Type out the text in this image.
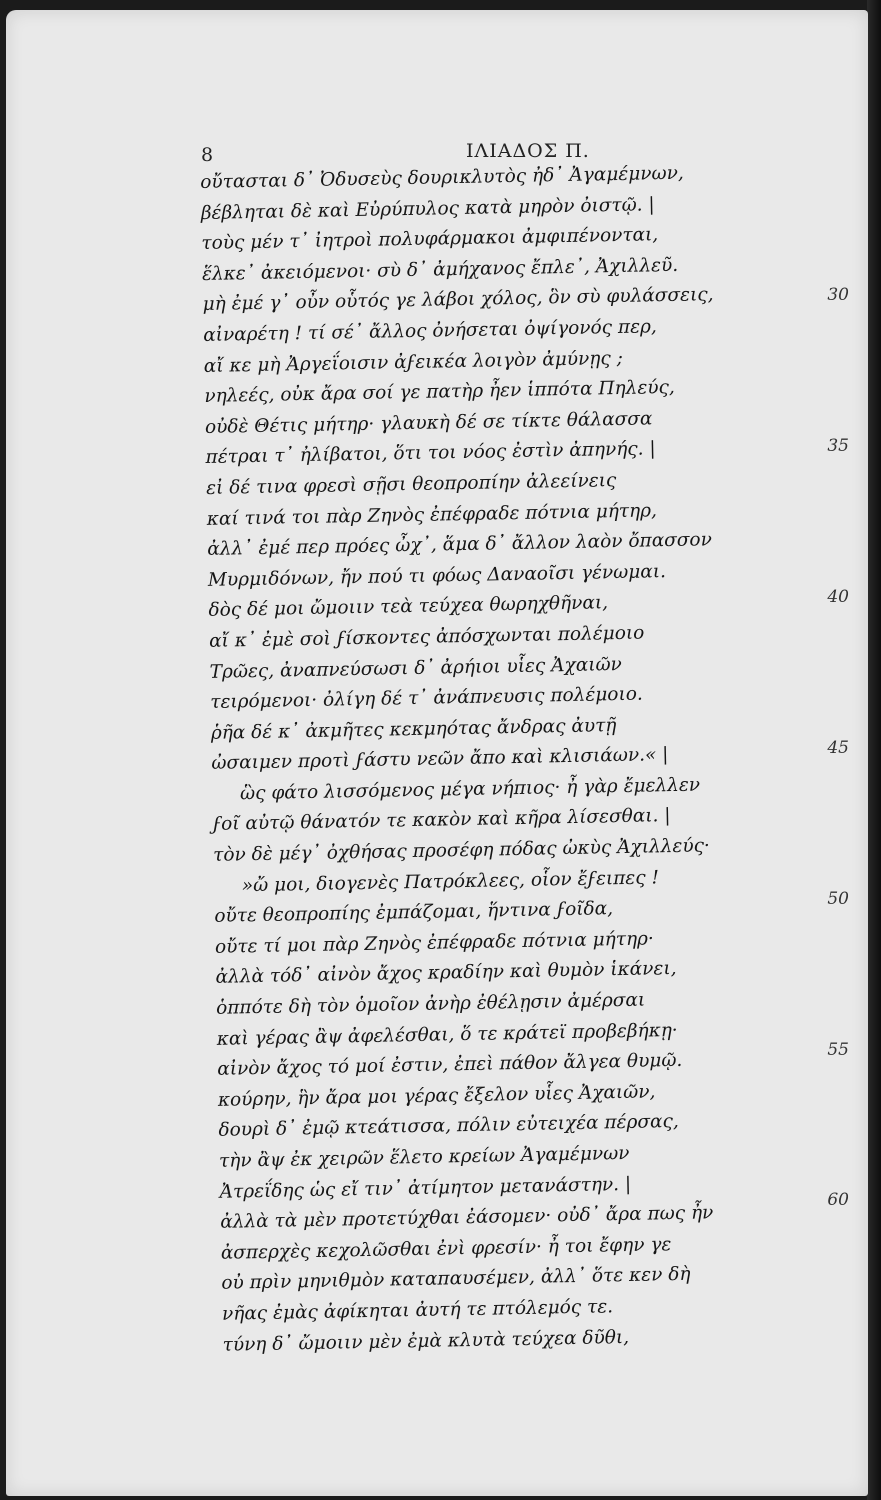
8	ΙΛΙΑΔΟΣ Π.
οὔτασται δ᾽ Ὀδυσεὺς δουρικλυτὸς ἠδ᾽ Ἀγαμέμνων,
βέβληται δὲ καὶ Εὐρύπυλος κατὰ μηρὸν ὀιστῷ. |
τοὺς μέν τ᾽ ἰητροὶ πολυφάρμακοι ἀμφιπένονται,
ἕλκε᾽ ἀκειόμενοι· σὺ δ᾽ ἀμήχανος ἔπλε᾽, Ἀχιλλεῦ.
μὴ ἐμέ γ᾽ οὖν οὗτός γε λάβοι χόλος, ὃν σὺ φυλάσσεις,
αἰναρέτη ! τί σέ᾽ ἄλλος ὀνήσεται ὀψίγονός περ,
αἴ κε μὴ Ἀργεΐοισιν ἀϝεικέα λοιγὸν ἀμύνῃς ;
νηλεές, οὐκ ἄρα σοί γε πατὴρ ἦεν ἱππότα Πηλεύς,
οὐδὲ Θέτις μήτηρ· γλαυκὴ δέ σε τίκτε θάλασσα
πέτραι τ᾽ ἠλίβατοι, ὅτι τοι νόος ἐστὶν ἀπηνής. |
εἰ δέ τινα φρεσὶ σῇσι θεοπροπίην ἀλεείνεις
καί τινά τοι πὰρ Ζηνὸς ἐπέφραδε πότνια μήτηρ,
ἀλλ᾽ ἐμέ περ πρόες ὦχ᾽, ἅμα δ᾽ ἄλλον λαὸν ὄπασσον
Μυρμιδόνων, ἤν πού τι φόως Δαναοῖσι γένωμαι.
δὸς δέ μοι ὤμοιιν τεὰ τεύχεα θωρηχθῆναι,
αἴ κ᾽ ἐμὲ σοὶ ϝίσκοντες ἀπόσχωνται πολέμοιο
Τρῶες, ἀναπνεύσωσι δ᾽ ἀρήιοι υἷες Ἀχαιῶν
τειρόμενοι· ὀλίγη δέ τ᾽ ἀνάπνευσις πολέμοιο.
ῥῆα δέ κ᾽ ἀκμῆτες κεκμηότας ἄνδρας ἀυτῇ
ὠσαιμεν προτὶ ϝάστυ νεῶν ἄπο καὶ κλισιάων.« |
ὣς φάτο λισσόμενος μέγα νήπιος· ἦ γὰρ ἔμελλεν
ϝοῖ αὐτῷ θάνατόν τε κακὸν καὶ κῆρα λίσεσθαι. |
τὸν δὲ μέγ᾽ ὀχθήσας προσέφη πόδας ὠκὺς Ἀχιλλεύς·
»ὤ μοι, διογενὲς Πατρόκλεες, οἷον ἔϝειπες !
οὔτε θεοπροπίης ἐμπάζομαι, ἥντινα ϝοῖδα,
οὔτε τί μοι πὰρ Ζηνὸς ἐπέφραδε πότνια μήτηρ·
ἀλλὰ τόδ᾽ αἰνὸν ἄχος κραδίην καὶ θυμὸν ἱκάνει,
ὁππότε δὴ τὸν ὁμοῖον ἀνὴρ ἐθέλῃσιν ἀμέρσαι
καὶ γέρας ἂψ ἀφελέσθαι, ὅ τε κράτεϊ προβεβήκῃ·
αἰνὸν ἄχος τό μοί ἐστιν, ἐπεὶ πάθον ἄλγεα θυμῷ.
κούρην, ἣν ἄρα μοι γέρας ἔξελον υἷες Ἀχαιῶν,
δουρὶ δ᾽ ἐμῷ κτεάτισσα, πόλιν εὐτειχέα πέρσας,
τὴν ἂψ ἐκ χειρῶν ἕλετο κρείων Ἀγαμέμνων
Ἀτρεΐδης ὡς εἴ τιν᾽ ἀτίμητον μετανάστην. |
ἀλλὰ τὰ μὲν προτετύχθαι ἐάσομεν· οὐδ᾽ ἄρα πως ἦν
ἀσπερχὲς κεχολῶσθαι ἐνὶ φρεσίν· ἦ τοι ἔφην γε
οὐ πρὶν μηνιθμὸν καταπαυσέμεν, ἀλλ᾽ ὅτε κεν δὴ
νῆας ἐμὰς ἀφίκηται ἀυτή τε πτόλεμός τε.
τύνη δ᾽ ὤμοιιν μὲν ἐμὰ κλυτὰ τεύχεα δῦθι,
30
35
40
45
50
55
60
